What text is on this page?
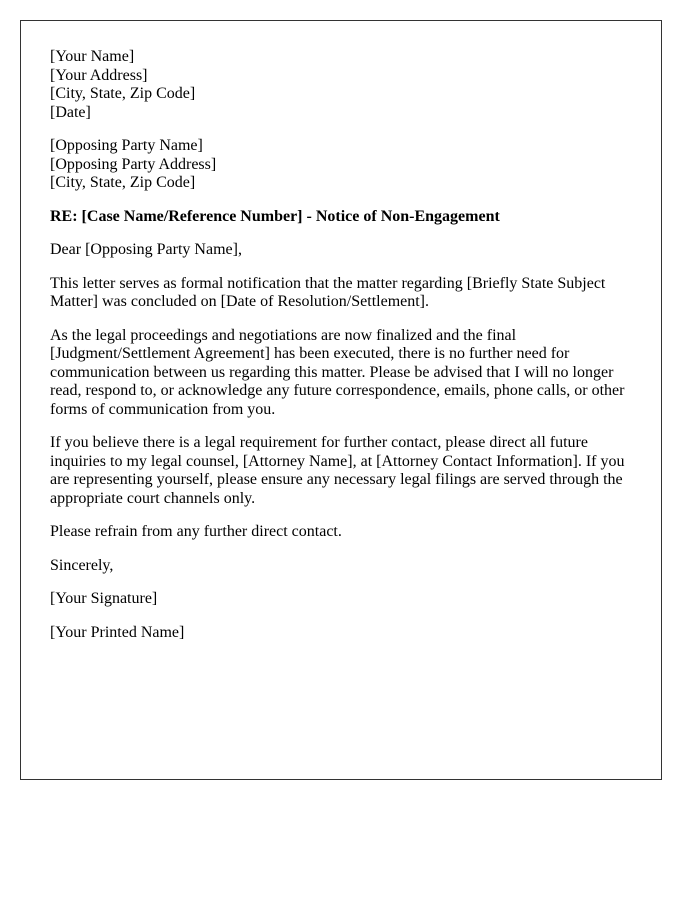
[Your Name]
[Your Address]
[City, State, Zip Code]
[Date]
[Opposing Party Name]
[Opposing Party Address]
[City, State, Zip Code]

RE: [Case Name/Reference Number] - Notice of Non-Engagement

Dear [Opposing Party Name],

This letter serves as formal notification that the matter regarding [Briefly State Subject Matter] was concluded on [Date of Resolution/Settlement].

As the legal proceedings and negotiations are now finalized and the final [Judgment/Settlement Agreement] has been executed, there is no further need for communication between us regarding this matter. Please be advised that I will no longer read, respond to, or acknowledge any future correspondence, emails, phone calls, or other forms of communication from you.

If you believe there is a legal requirement for further contact, please direct all future inquiries to my legal counsel, [Attorney Name], at [Attorney Contact Information]. If you are representing yourself, please ensure any necessary legal filings are served through the appropriate court channels only.

Please refrain from any further direct contact.

Sincerely,

[Your Signature]

[Your Printed Name]
